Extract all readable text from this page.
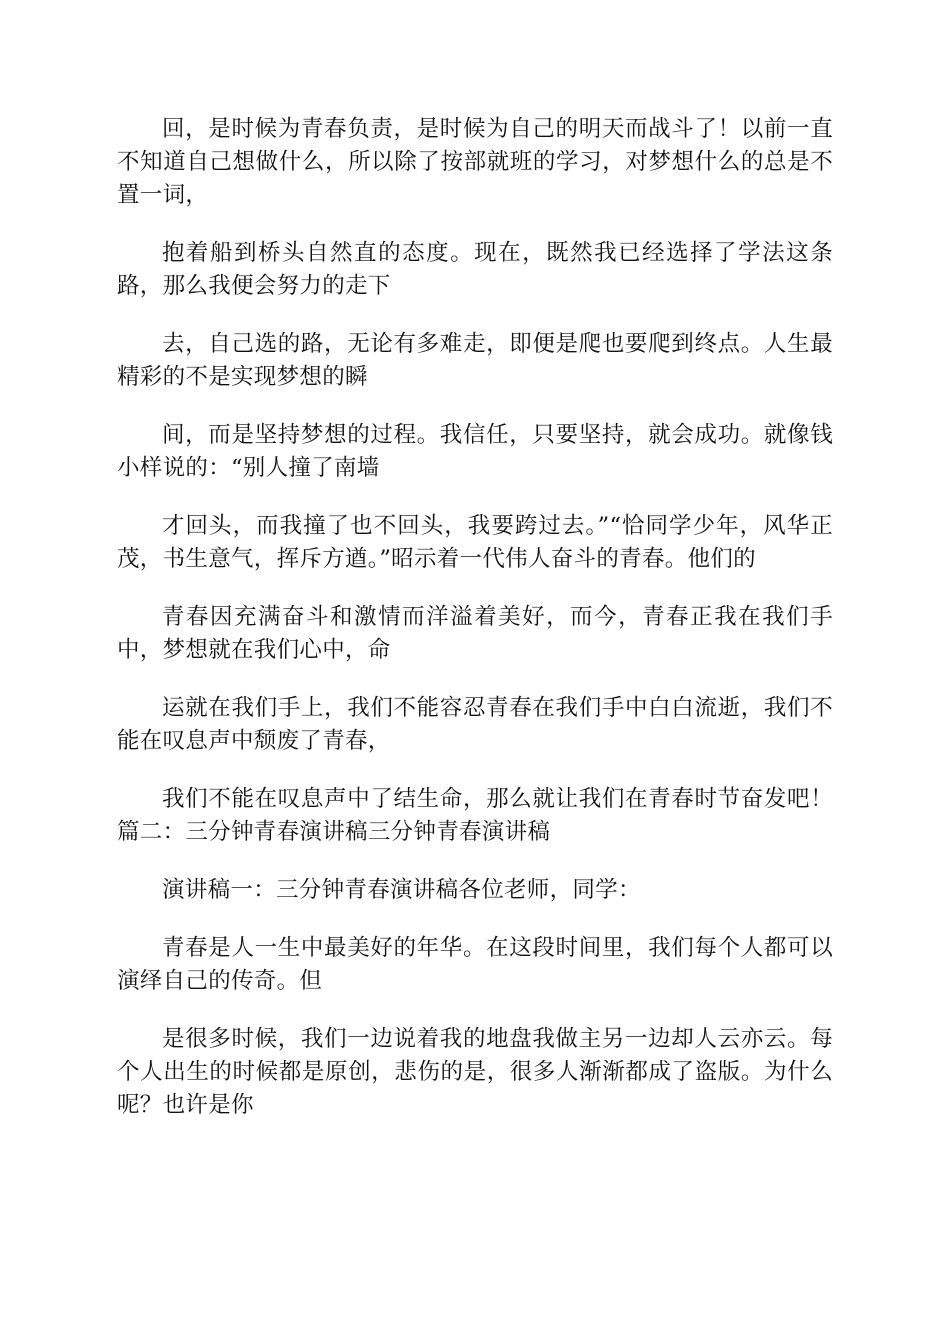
回，是时候为青春负责，是时候为自己的明天而战斗了！以前一直不知道自己想做什么，所以除了按部就班的学习，对梦想什么的总是不置一词，

抱着船到桥头自然直的态度。现在，既然我已经选择了学法这条路，那么我便会努力的走下

去，自己选的路，无论有多难走，即便是爬也要爬到终点。人生最精彩的不是实现梦想的瞬

间，而是坚持梦想的过程。我信任，只要坚持，就会成功。就像钱小样说的：“别人撞了南墙

才回头，而我撞了也不回头，我要跨过去。”“恰同学少年，风华正茂，书生意气，挥斥方遒。”昭示着一代伟人奋斗的青春。他们的

青春因充满奋斗和激情而洋溢着美好，而今，青春正我在我们手中，梦想就在我们心中，命

运就在我们手上，我们不能容忍青春在我们手中白白流逝，我们不能在叹息声中颓废了青春，

我们不能在叹息声中了结生命，那么就让我们在青春时节奋发吧！篇二：三分钟青春演讲稿三分钟青春演讲稿

演讲稿一：三分钟青春演讲稿各位老师，同学：

青春是人一生中最美好的年华。在这段时间里，我们每个人都可以演绎自己的传奇。但

是很多时候，我们一边说着我的地盘我做主另一边却人云亦云。每个人出生的时候都是原创，悲伤的是，很多人渐渐都成了盗版。为什么呢？也许是你
